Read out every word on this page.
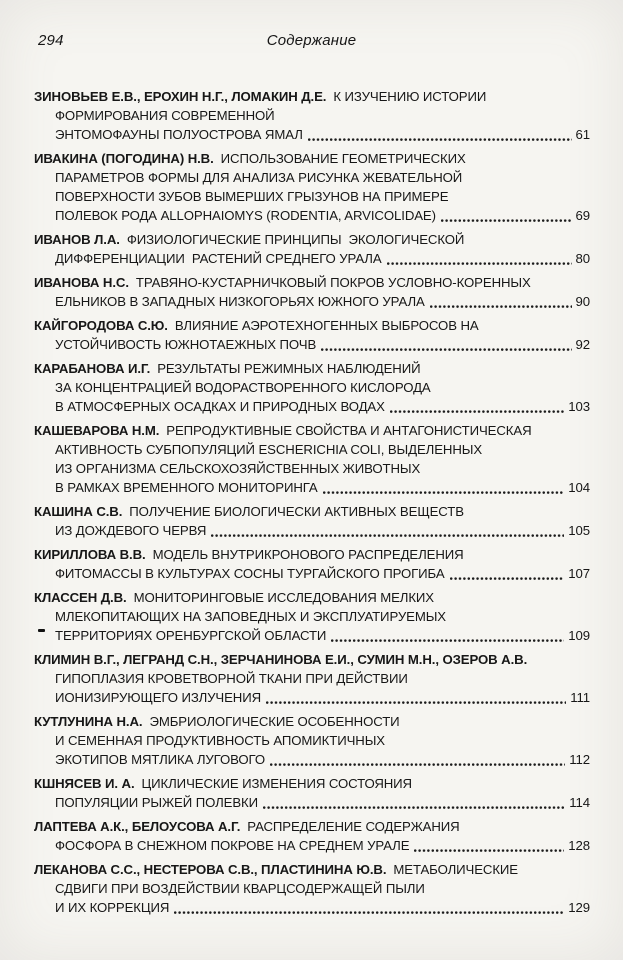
294	Содержание
ЗИНОВЬЕВ Е.В., ЕРОХИН Н.Г., ЛОМАКИН Д.Е. К ИЗУЧЕНИЮ ИСТОРИИ
ФОРМИРОВАНИЯ СОВРЕМЕННОЙ
ЭНТОМОФАУНЫ ПОЛУОСТРОВА ЯМАЛ	61
ИВАКИНА (ПОГОДИНА) Н.В. ИСПОЛЬЗОВАНИЕ ГЕОМЕТРИЧЕСКИХ
ПАРАМЕТРОВ ФОРМЫ ДЛЯ АНАЛИЗА РИСУНКА ЖЕВАТЕЛЬНОЙ
ПОВЕРХНОСТИ ЗУБОВ ВЫМЕРШИХ ГРЫЗУНОВ НА ПРИМЕРЕ
ПОЛЕВОК РОДА ALLOPHAIOMYS (RODENTIA, ARVICOLIDAE)	69
ИВАНОВ Л.А. ФИЗИОЛОГИЧЕСКИЕ ПРИНЦИПЫ  ЭКОЛОГИЧЕСКОЙ
ДИФФЕРЕНЦИАЦИИ  РАСТЕНИЙ СРЕДНЕГО УРАЛА	80
ИВАНОВА Н.С. ТРАВЯНО-КУСТАРНИЧКОВЫЙ ПОКРОВ УСЛОВНО-КОРЕННЫХ
ЕЛЬНИКОВ В ЗАПАДНЫХ НИЗКОГОРЬЯХ ЮЖНОГО УРАЛА	90
КАЙГОРОДОВА С.Ю. ВЛИЯНИЕ АЭРОТЕХНОГЕННЫХ ВЫБРОСОВ НА
УСТОЙЧИВОСТЬ ЮЖНОТАЕЖНЫХ ПОЧВ	92
КАРАБАНОВА И.Г. РЕЗУЛЬТАТЫ РЕЖИМНЫХ НАБЛЮДЕНИЙ
ЗА КОНЦЕНТРАЦИЕЙ ВОДОРАСТВОРЕННОГО КИСЛОРОДА
В АТМОСФЕРНЫХ ОСАДКАХ И ПРИРОДНЫХ ВОДАХ	103
КАШЕВАРОВА Н.М. РЕПРОДУКТИВНЫЕ СВОЙСТВА И АНТАГОНИСТИЧЕСКАЯ
АКТИВНОСТЬ СУБПОПУЛЯЦИЙ ESCHERICHIA COLI, ВЫДЕЛЕННЫХ
ИЗ ОРГАНИЗМА СЕЛЬСКОХОЗЯЙСТВЕННЫХ ЖИВОТНЫХ
В РАМКАХ ВРЕМЕННОГО МОНИТОРИНГА	104
КАШИНА С.В. ПОЛУЧЕНИЕ БИОЛОГИЧЕСКИ АКТИВНЫХ ВЕЩЕСТВ
ИЗ ДОЖДЕВОГО ЧЕРВЯ	105
КИРИЛЛОВА В.В. МОДЕЛЬ ВНУТРИКРОНОВОГО РАСПРЕДЕЛЕНИЯ
ФИТОМАССЫ В КУЛЬТУРАХ СОСНЫ ТУРГАЙСКОГО ПРОГИБА	107
КЛАССЕН Д.В. МОНИТОРИНГОВЫЕ ИССЛЕДОВАНИЯ МЕЛКИХ
МЛЕКОПИТАЮЩИХ НА ЗАПОВЕДНЫХ И ЭКСПЛУАТИРУЕМЫХ
ТЕРРИТОРИЯХ ОРЕНБУРГСКОЙ ОБЛАСТИ	109
КЛИМИН В.Г., ЛЕГРАНД С.Н., ЗЕРЧАНИНОВА Е.И., СУМИН М.Н., ОЗЕРОВ А.В.
ГИПОПЛАЗИЯ КРОВЕТВОРНОЙ ТКАНИ ПРИ ДЕЙСТВИИ
ИОНИЗИРУЮЩЕГО ИЗЛУЧЕНИЯ	111
КУТЛУНИНА Н.А. ЭМБРИОЛОГИЧЕСКИЕ ОСОБЕННОСТИ
И СЕМЕННАЯ ПРОДУКТИВНОСТЬ АПОМИКТИЧНЫХ
ЭКОТИПОВ МЯТЛИКА ЛУГОВОГО	112
КШНЯСЕВ И. А. ЦИКЛИЧЕСКИЕ ИЗМЕНЕНИЯ СОСТОЯНИЯ
ПОПУЛЯЦИИ РЫЖЕЙ ПОЛЕВКИ	114
ЛАПТЕВА А.К., БЕЛОУСОВА А.Г. РАСПРЕДЕЛЕНИЕ СОДЕРЖАНИЯ
ФОСФОРА В СНЕЖНОМ ПОКРОВЕ НА СРЕДНЕМ УРАЛЕ	128
ЛЕКАНОВА С.С., НЕСТЕРОВА С.В., ПЛАСТИНИНА Ю.В. МЕТАБОЛИЧЕСКИЕ
СДВИГИ ПРИ ВОЗДЕЙСТВИИ КВАРЦСОДЕРЖАЩЕЙ ПЫЛИ
И ИХ КОРРЕКЦИЯ	129
